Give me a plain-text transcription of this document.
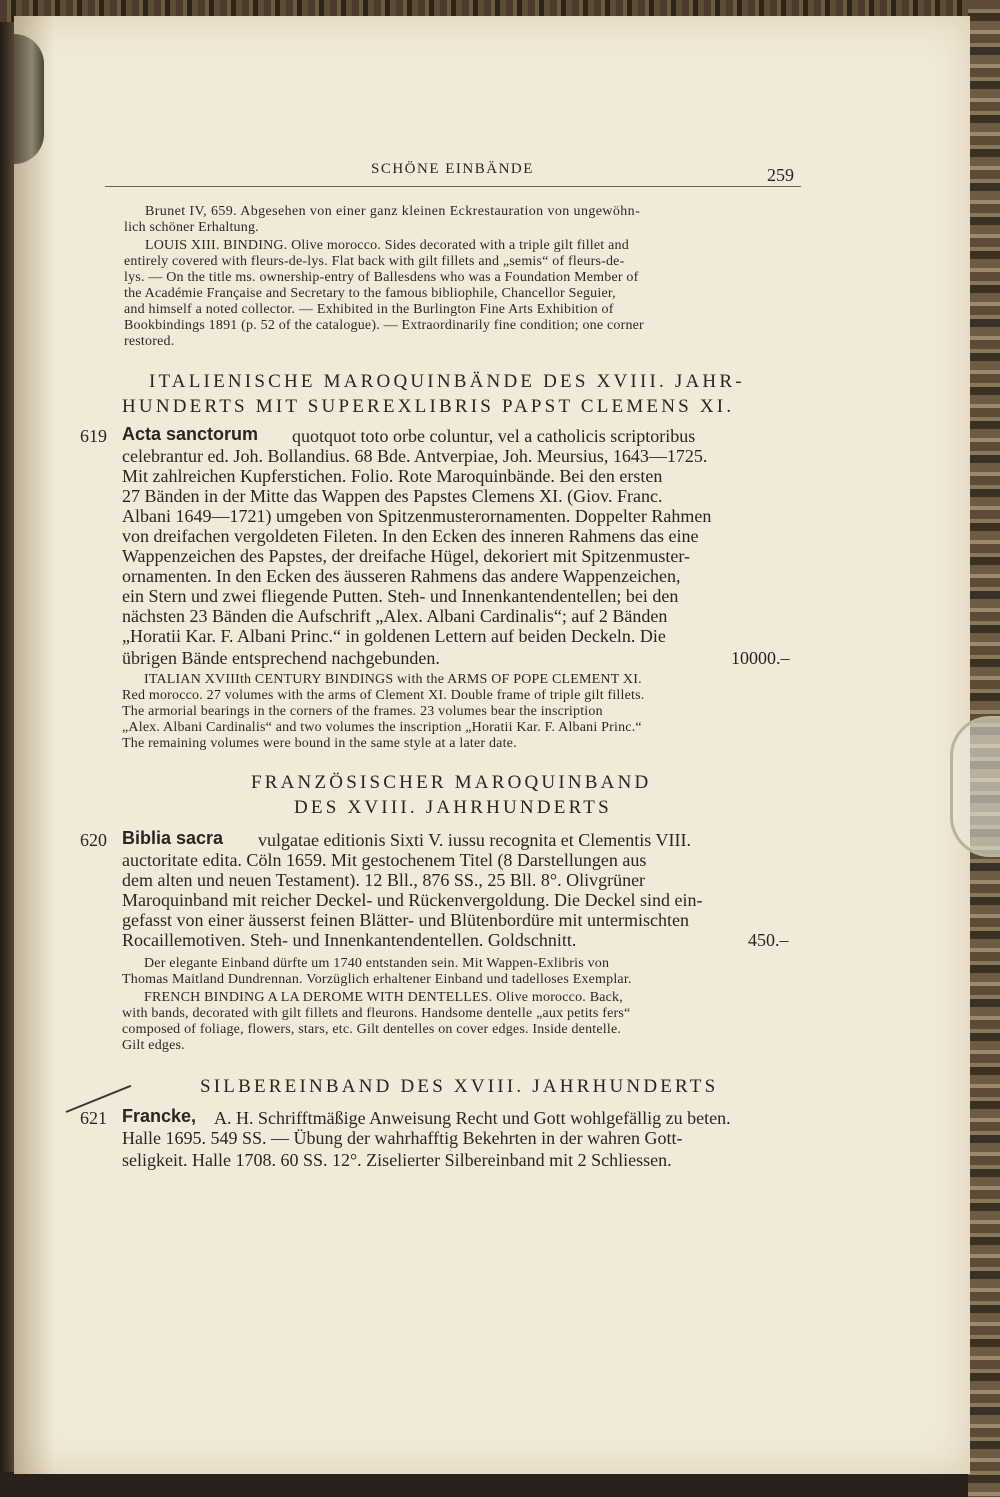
SCHÖNE EINBÄNDE	259

Brunet IV, 659. Abgesehen von einer ganz kleinen Eckrestauration von ungewöhn-

lich schöner Erhaltung.

LOUIS XIII. BINDING. Olive morocco. Sides decorated with a triple gilt fillet and

entirely covered with fleurs-de-lys. Flat back with gilt fillets and „semis“ of fleurs-de-

lys. — On the title ms. ownership-entry of Ballesdens who was a Foundation Member of

the Académie Française and Secretary to the famous bibliophile, Chancellor Seguier,

and himself a noted collector. — Exhibited in the Burlington Fine Arts Exhibition of

Bookbindings 1891 (p. 52 of the catalogue). — Extraordinarily fine condition; one corner

restored.

ITALIENISCHE MAROQUINBÄNDE DES XVIII. JAHR-

HUNDERTS MIT SUPEREXLIBRIS PAPST CLEMENS XI.

619 Acta sanctorum quotquot toto orbe coluntur, vel a catholicis scriptoribus

celebrantur ed. Joh. Bollandius. 68 Bde. Antverpiae, Joh. Meursius, 1643—1725.

Mit zahlreichen Kupferstichen. Folio. Rote Maroquinbände. Bei den ersten

27 Bänden in der Mitte das Wappen des Papstes Clemens XI. (Giov. Franc.

Albani 1649—1721) umgeben von Spitzenmusterornamenten. Doppelter Rahmen

von dreifachen vergoldeten Fileten. In den Ecken des inneren Rahmens das eine

Wappenzeichen des Papstes, der dreifache Hügel, dekoriert mit Spitzenmuster-

ornamenten. In den Ecken des äusseren Rahmens das andere Wappenzeichen,

ein Stern und zwei fliegende Putten. Steh- und Innenkantendentellen; bei den

nächsten 23 Bänden die Aufschrift „Alex. Albani Cardinalis“; auf 2 Bänden

„Horatii Kar. F. Albani Princ.“ in goldenen Lettern auf beiden Deckeln. Die

übrigen Bände entsprechend nachgebunden.	10000.–

ITALIAN XVIIIth CENTURY BINDINGS with the ARMS OF POPE CLEMENT XI.

Red morocco. 27 volumes with the arms of Clement XI. Double frame of triple gilt fillets.

The armorial bearings in the corners of the frames. 23 volumes bear the inscription

„Alex. Albani Cardinalis“ and two volumes the inscription „Horatii Kar. F. Albani Princ.“

The remaining volumes were bound in the same style at a later date.

FRANZÖSISCHER MAROQUINBAND

DES XVIII. JAHRHUNDERTS

620 Biblia sacra vulgatae editionis Sixti V. iussu recognita et Clementis VIII.

auctoritate edita. Cöln 1659. Mit gestochenem Titel (8 Darstellungen aus

dem alten und neuen Testament). 12 Bll., 876 SS., 25 Bll. 8°. Olivgrüner

Maroquinband mit reicher Deckel- und Rückenvergoldung. Die Deckel sind ein-

gefasst von einer äusserst feinen Blätter- und Blütenbordüre mit untermischten

Rocaillemotiven. Steh- und Innenkantendentellen. Goldschnitt.	450.–

Der elegante Einband dürfte um 1740 entstanden sein. Mit Wappen-Exlibris von

Thomas Maitland Dundrennan. Vorzüglich erhaltener Einband und tadelloses Exemplar.

FRENCH BINDING A LA DEROME WITH DENTELLES. Olive morocco. Back,

with bands, decorated with gilt fillets and fleurons. Handsome dentelle „aux petits fers“

composed of foliage, flowers, stars, etc. Gilt dentelles on cover edges. Inside dentelle.

Gilt edges.

SILBEREINBAND DES XVIII. JAHRHUNDERTS

621 Francke, A. H. Schrifftmäßige Anweisung Recht und Gott wohlgefällig zu beten.

Halle 1695. 549 SS. — Übung der wahrhafftig Bekehrten in der wahren Gott-

seligkeit. Halle 1708. 60 SS. 12°. Ziselierter Silbereinband mit 2 Schliessen.
